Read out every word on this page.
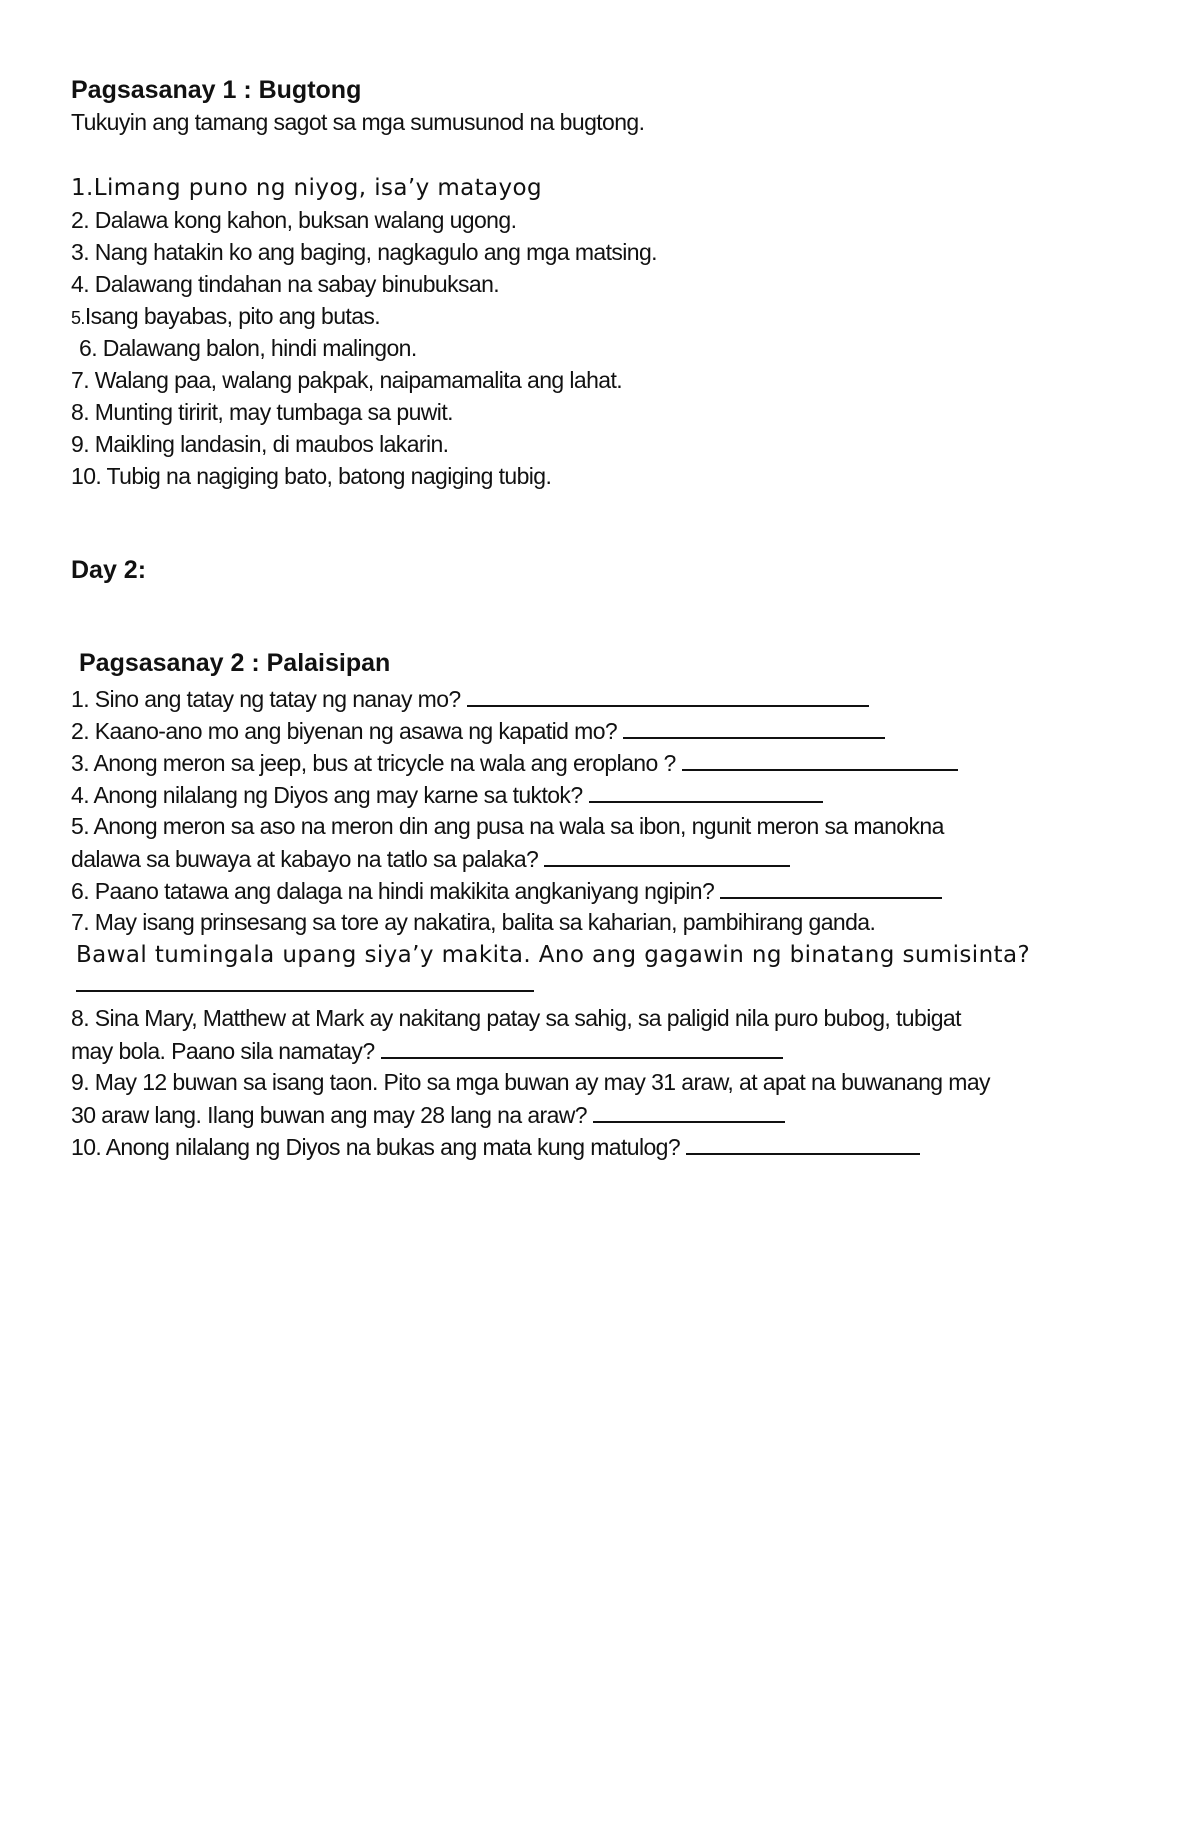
Pagsasanay 1 : Bugtong
Tukuyin ang tamang sagot sa mga sumusunod na bugtong.
1.Limang puno ng niyog, isa’y matayog
2. Dalawa kong kahon, buksan walang ugong.
3. Nang hatakin ko ang baging, nagkagulo ang mga matsing.
4. Dalawang tindahan na sabay binubuksan.
5.Isang bayabas, pito ang butas.
6. Dalawang balon, hindi malingon.
7. Walang paa, walang pakpak, naipamamalita ang lahat.
8. Munting tiririt, may tumbaga sa puwit.
9. Maikling landasin, di maubos lakarin.
10. Tubig na nagiging bato, batong nagiging tubig.
Day 2:
Pagsasanay 2 : Palaisipan
1. Sino ang tatay ng tatay ng nanay mo?
2. Kaano-ano mo ang biyenan ng asawa ng kapatid mo?
3. Anong meron sa jeep, bus at tricycle na wala ang eroplano ?
4. Anong nilalang ng Diyos ang may karne sa tuktok?
5. Anong meron sa aso na meron din ang pusa na wala sa ibon, ngunit meron sa manokna
dalawa sa buwaya at kabayo na tatlo sa palaka?
6. Paano tatawa ang dalaga na hindi makikita angkaniyang ngipin?
7. May isang prinsesang sa tore ay nakatira, balita sa kaharian, pambihirang ganda.
Bawal tumingala upang siya’y makita. Ano ang gagawin ng binatang sumisinta?
8. Sina Mary, Matthew at Mark ay nakitang patay sa sahig, sa paligid nila puro bubog, tubigat
may bola. Paano sila namatay?
9. May 12 buwan sa isang taon. Pito sa mga buwan ay may 31 araw, at apat na buwanang may
30 araw lang. Ilang buwan ang may 28 lang na araw?
10. Anong nilalang ng Diyos na bukas ang mata kung matulog?
